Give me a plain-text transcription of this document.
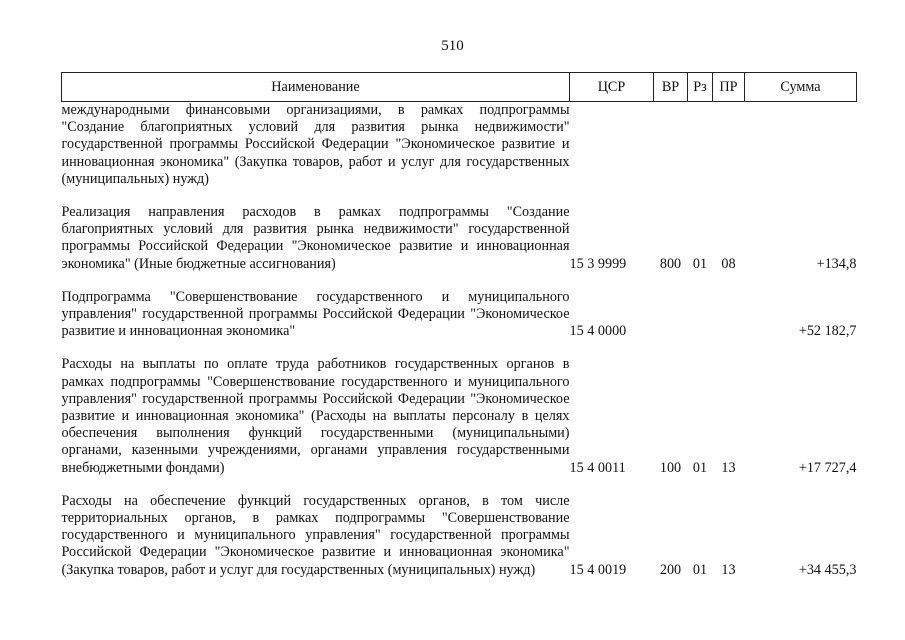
510
Наименование	ЦСР	ВР	Рз	ПР	Сумма
международными финансовыми организациями, в рамках подпрограммы "Создание благоприятных условий для развития рынка недвижимости" государственной программы Российской Федерации "Экономическое развитие и инновационная экономика" (Закупка товаров, работ и услуг для государственных (муниципальных) нужд)					
Реализация направления расходов в рамках подпрограммы "Создание благоприятных условий для развития рынка недвижимости" государственной программы Российской Федерации "Экономическое развитие и инновационная экономика" (Иные бюджетные ассигнования)	15 3 9999	800	01	08	+134,8
Подпрограмма "Совершенствование государственного и муниципального управления" государственной программы Российской Федерации "Экономическое развитие и инновационная экономика"	15 4 0000				+52 182,7
Расходы на выплаты по оплате труда работников государственных органов в рамках подпрограммы "Совершенствование государственного и муниципального управления" государственной программы Российской Федерации "Экономическое развитие и инновационная экономика" (Расходы на выплаты персоналу в целях обеспечения выполнения функций государственными (муниципальными) органами, казенными учреждениями, органами управления государственными внебюджетными фондами)	15 4 0011	100	01	13	+17 727,4
Расходы на обеспечение функций государственных органов, в том числе территориальных органов, в рамках подпрограммы "Совершенствование государственного и муниципального управления" государственной программы Российской Федерации "Экономическое развитие и инновационная экономика" (Закупка товаров, работ и услуг для государственных (муниципальных) нужд)	15 4 0019	200	01	13	+34 455,3
